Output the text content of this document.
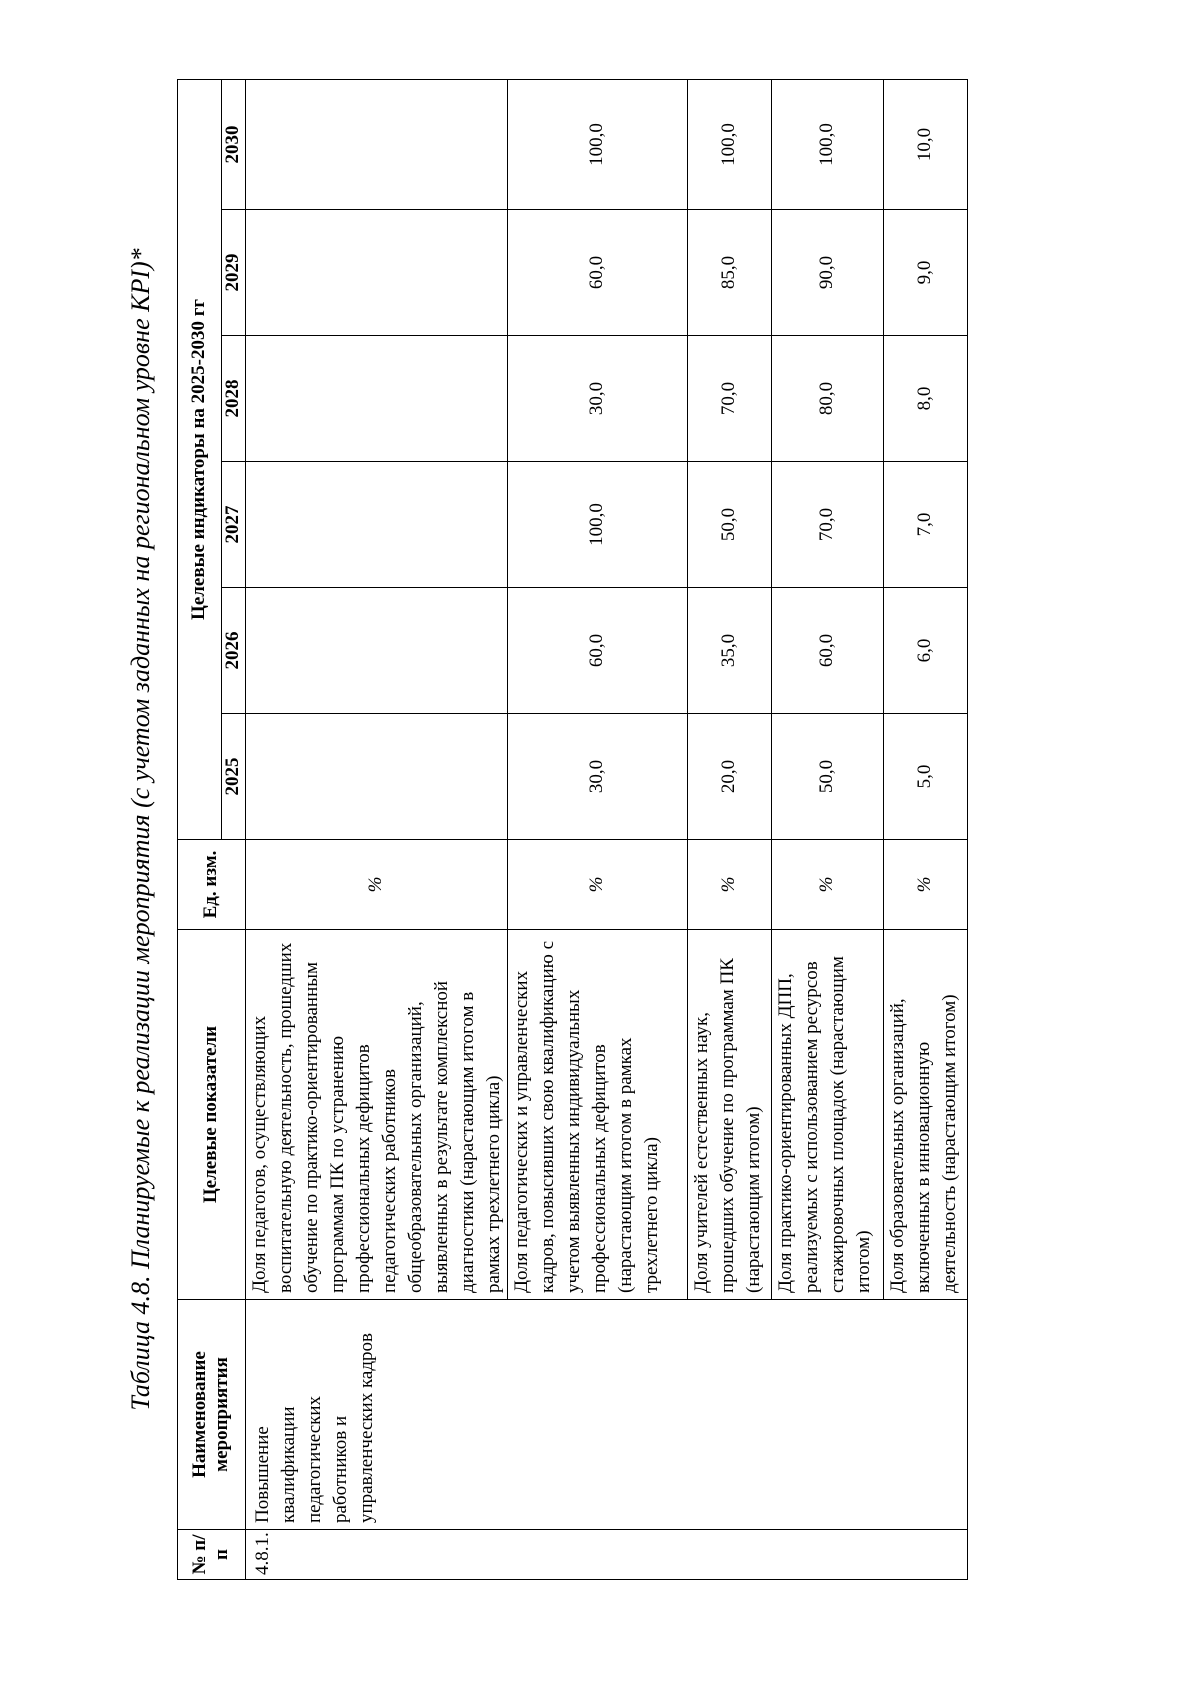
Таблица 4.8. Планируемые к реализации мероприятия (с учетом заданных на региональном уровне KPI)*									
№ п/п	Наименование мероприятия	Целевые показатели	Ед. изм.	Целевые индикаторы на 2025-2030 гг					
				2025	2026	2027	2028	2029	2030
4.8.1.	Повышение квалификации педагогических работников и управленческих кадров	Доля педагогов, осуществляющих воспитательную деятельность, прошедших обучение по практико-ориентированным программам ПК по устранению профессиональных дефицитов педагогических работников общеобразовательных организаций, выявленных в результате комплексной диагностики (нарастающим итогом в рамках трехлетнего цикла)	%						
		Доля педагогических и управленческих кадров, повысивших свою квалификацию с учетом выявленных индивидуальных профессиональных дефицитов (нарастающим итогом в рамках трехлетнего цикла)	%	30,0	60,0	100,0	30,0	60,0	100,0
		Доля учителей естественных наук, прошедших обучение по программам ПК (нарастающим итогом)	%	20,0	35,0	50,0	70,0	85,0	100,0
		Доля практико-ориентированных ДПП, реализуемых с использованием ресурсов стажировочных площадок (нарастающим итогом)	%	50,0	60,0	70,0	80,0	90,0	100,0
		Доля образовательных организаций, включенных в инновационную деятельность (нарастающим итогом)	%	5,0	6,0	7,0	8,0	9,0	10,0
